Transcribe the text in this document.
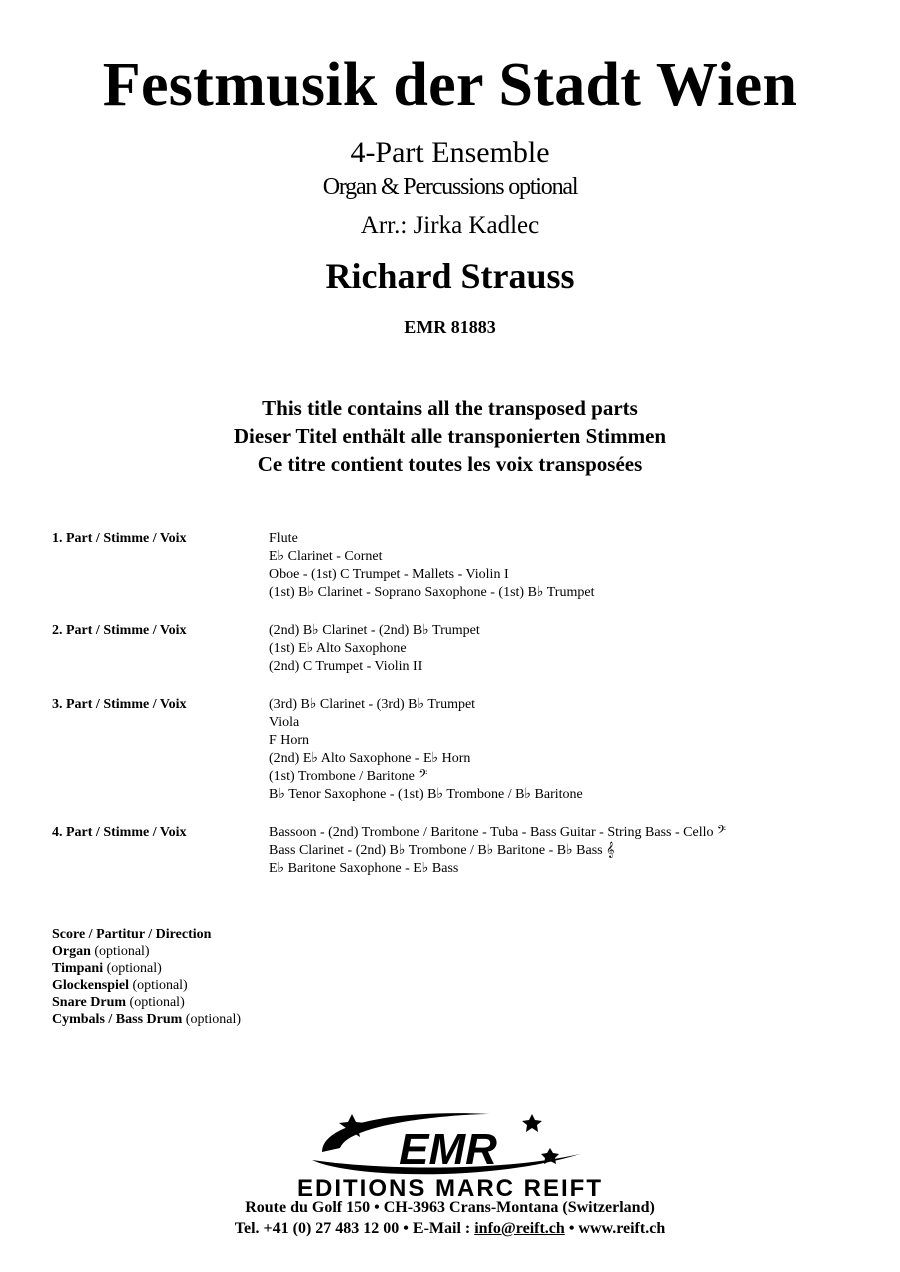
Festmusik der Stadt Wien
4-Part Ensemble
Organ & Percussions optional
Arr.: Jirka Kadlec
Richard Strauss
EMR 81883
This title contains all the transposed parts
Dieser Titel enthält alle transponierten Stimmen
Ce titre contient toutes les voix transposées
1. Part / Stimme / Voix	Flute
E♭ Clarinet - Cornet
Oboe - (1st) C Trumpet - Mallets - Violin I
(1st) B♭ Clarinet - Soprano Saxophone - (1st) B♭ Trumpet
2. Part / Stimme / Voix	(2nd) B♭ Clarinet - (2nd) B♭ Trumpet
(1st) E♭ Alto Saxophone
(2nd) C Trumpet - Violin II
3. Part / Stimme / Voix	(3rd) B♭ Clarinet - (3rd) B♭ Trumpet
Viola
F Horn
(2nd) E♭ Alto Saxophone - E♭ Horn
(1st) Trombone / Baritone 𝄢
B♭ Tenor Saxophone - (1st) B♭ Trombone / B♭ Baritone
4. Part / Stimme / Voix	Bassoon - (2nd) Trombone / Baritone - Tuba - Bass Guitar - String Bass - Cello 𝄢
Bass Clarinet - (2nd) B♭ Trombone / B♭ Baritone - B♭ Bass 𝄞
E♭ Baritone Saxophone - E♭ Bass
Score / Partitur / Direction
Organ (optional)
Timpani (optional)
Glockenspiel (optional)
Snare Drum (optional)
Cymbals / Bass Drum (optional)
EMR
EDITIONS MARC REIFT
Route du Golf 150 • CH-3963 Crans-Montana (Switzerland)
Tel. +41 (0) 27 483 12 00 • E-Mail : info@reift.ch • www.reift.ch
